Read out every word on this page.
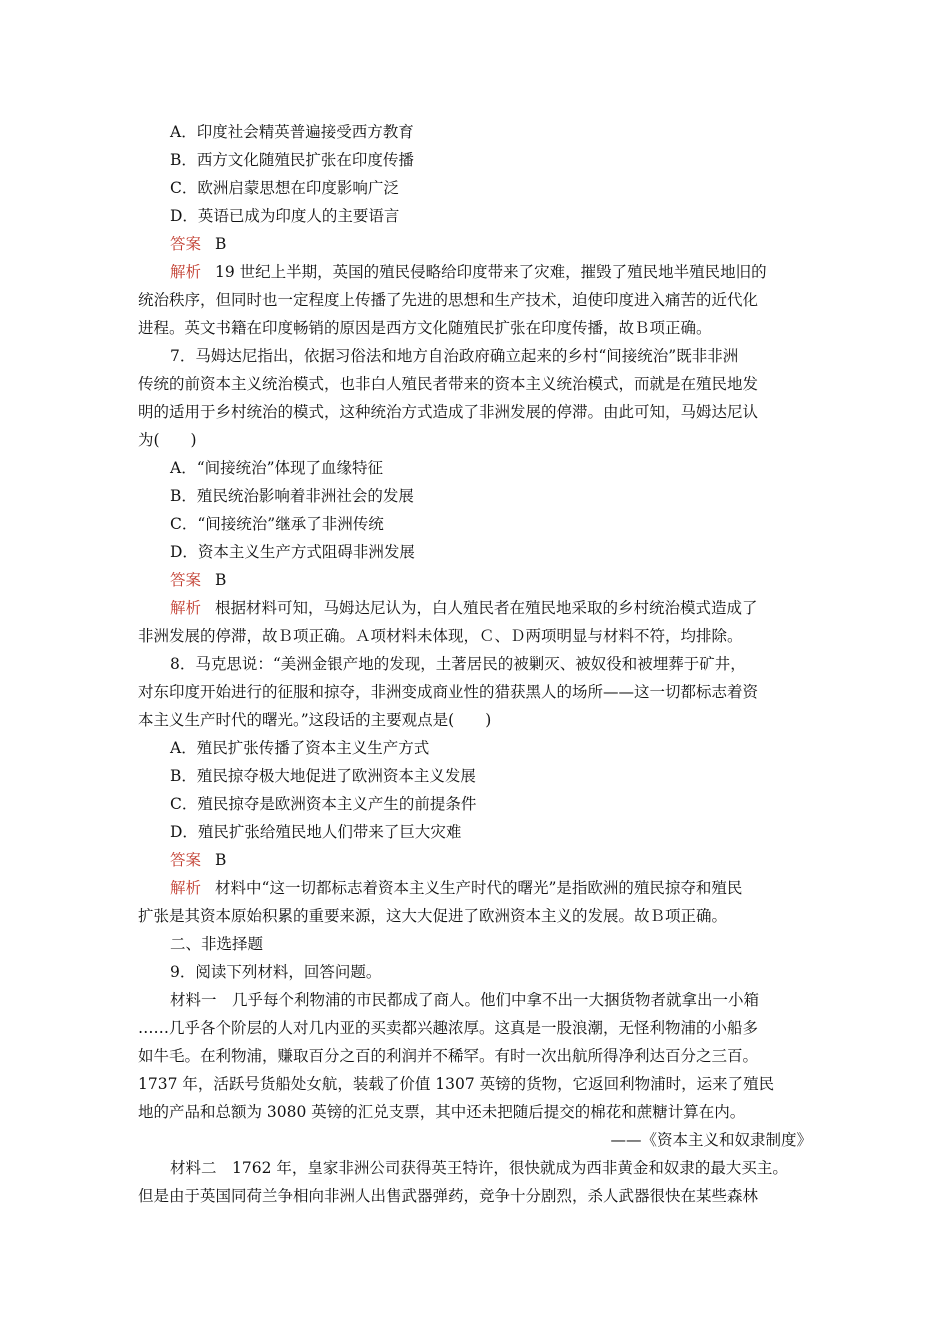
A．印度社会精英普遍接受西方教育
B．西方文化随殖民扩张在印度传播
C．欧洲启蒙思想在印度影响广泛
D．英语已成为印度人的主要语言
答案 B
解析 19 世纪上半期，英国的殖民侵略给印度带来了灾难，摧毁了殖民地半殖民地旧的
统治秩序，但同时也一定程度上传播了先进的思想和生产技术，迫使印度进入痛苦的近代化
进程。英文书籍在印度畅销的原因是西方文化随殖民扩张在印度传播，故Ｂ项正确。
7．马姆达尼指出，依据习俗法和地方自治政府确立起来的乡村“间接统治”既非非洲
传统的前资本主义统治模式，也非白人殖民者带来的资本主义统治模式，而就是在殖民地发
明的适用于乡村统治的模式，这种统治方式造成了非洲发展的停滞。由此可知，马姆达尼认
为(　　)
A．“间接统治”体现了血缘特征
B．殖民统治影响着非洲社会的发展
C．“间接统治”继承了非洲传统
D．资本主义生产方式阻碍非洲发展
答案 B
解析 根据材料可知，马姆达尼认为，白人殖民者在殖民地采取的乡村统治模式造成了
非洲发展的停滞，故Ｂ项正确。Ａ项材料未体现，Ｃ、Ｄ两项明显与材料不符，均排除。
8．马克思说：“美洲金银产地的发现，土著居民的被剿灭、被奴役和被埋葬于矿井，
对东印度开始进行的征服和掠夺，非洲变成商业性的猎获黑人的场所——这一切都标志着资
本主义生产时代的曙光。”这段话的主要观点是(　　)
A．殖民扩张传播了资本主义生产方式
B．殖民掠夺极大地促进了欧洲资本主义发展
C．殖民掠夺是欧洲资本主义产生的前提条件
D．殖民扩张给殖民地人们带来了巨大灾难
答案 B
解析 材料中“这一切都标志着资本主义生产时代的曙光”是指欧洲的殖民掠夺和殖民
扩张是其资本原始积累的重要来源，这大大促进了欧洲资本主义的发展。故Ｂ项正确。
二、非选择题
9．阅读下列材料，回答问题。
材料一　几乎每个利物浦的市民都成了商人。他们中拿不出一大捆货物者就拿出一小箱
……几乎各个阶层的人对几内亚的买卖都兴趣浓厚。这真是一股浪潮，无怪利物浦的小船多
如牛毛。在利物浦，赚取百分之百的利润并不稀罕。有时一次出航所得净利达百分之三百。
1737 年，活跃号货船处女航，装载了价值 1307 英镑的货物，它返回利物浦时，运来了殖民
地的产品和总额为 3080 英镑的汇兑支票，其中还未把随后提交的棉花和蔗糖计算在内。
——《资本主义和奴隶制度》
材料二　1762 年，皇家非洲公司获得英王特许，很快就成为西非黄金和奴隶的最大买主。
但是由于英国同荷兰争相向非洲人出售武器弹药，竞争十分剧烈，杀人武器很快在某些森林
